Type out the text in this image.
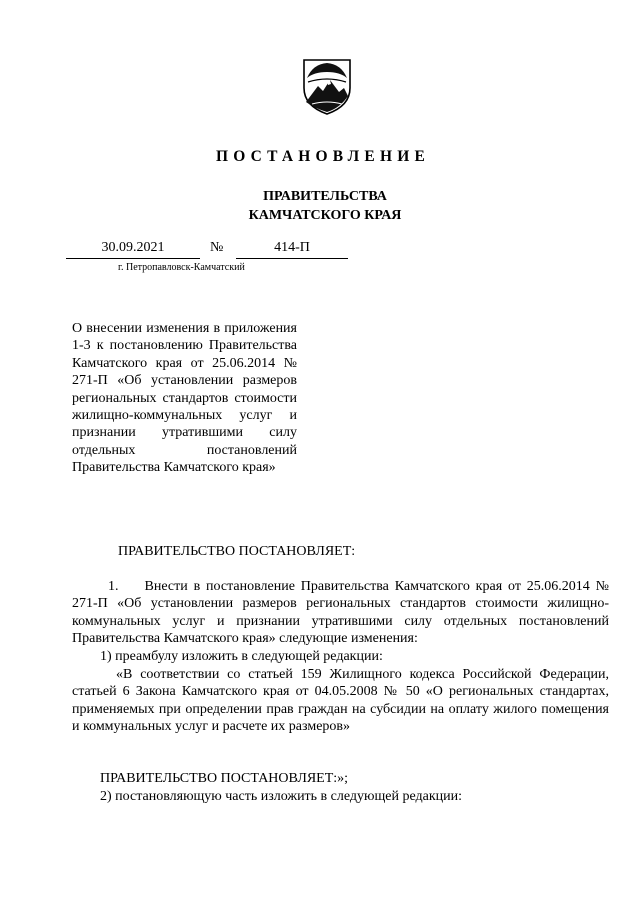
ПОСТАНОВЛЕНИЕ
ПРАВИТЕЛЬСТВА
КАМЧАТСКОГО КРАЯ
30.09.2021	№	414-П
г. Петропавловск-Камчатский
О внесении изменения в приложения 1-3 к постановлению Правительства Камчатского края от 25.06.2014 № 271-П «Об установлении размеров региональных стандартов стоимости жилищно-коммунальных услуг и признании утратившими силу отдельных постановлений Правительства Камчатского края»
ПРАВИТЕЛЬСТВО ПОСТАНОВЛЯЕТ:
1. Внести в постановление Правительства Камчатского края от 25.06.2014 № 271-П «Об установлении размеров региональных стандартов стоимости жилищно-коммунальных услуг и признании утратившими силу отдельных постановлений Правительства Камчатского края» следующие изменения:
1) преамбулу изложить в следующей редакции:
«В соответствии со статьей 159 Жилищного кодекса Российской Федерации, статьей 6 Закона Камчатского края от 04.05.2008 № 50 «О региональных стандартах, применяемых при определении прав граждан на субсидии на оплату жилого помещения и коммунальных услуг и расчете их размеров»
ПРАВИТЕЛЬСТВО ПОСТАНОВЛЯЕТ:»;
2) постановляющую часть изложить в следующей редакции:
